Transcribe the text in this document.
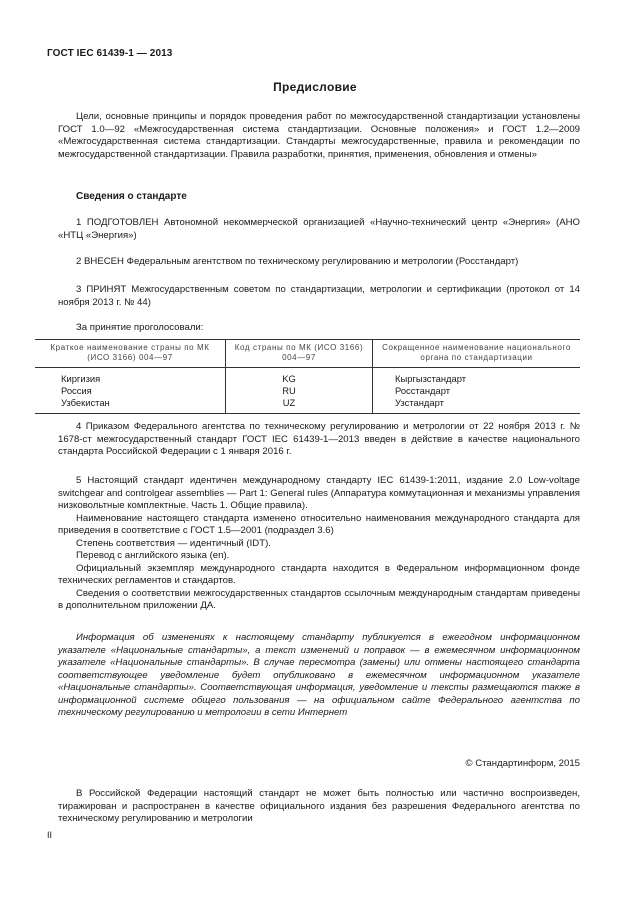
ГОСТ IEC 61439-1 — 2013
Предисловие

Цели, основные принципы и порядок проведения работ по межгосударственной стандартизации установлены ГОСТ 1.0—92 «Межгосударственная система стандартизации. Основные положения» и ГОСТ 1.2—2009 «Межгосударственная система стандартизации. Стандарты межгосударственные, правила и рекомендации по межгосударственной стандартизации. Правила разработки, принятия, применения, обновления и отмены»

Сведения о стандарте

1 ПОДГОТОВЛЕН Автономной некоммерческой организацией «Научно-технический центр «Энергия» (АНО «НТЦ «Энергия»)

2 ВНЕСЕН Федеральным агентством по техническому регулированию и метрологии (Росстандарт)

3 ПРИНЯТ Межгосударственным советом по стандартизации, метрологии и сертификации (протокол от 14 ноября 2013 г. № 44)

За принятие проголосовали:

Краткое наименование страны по МК (ИСО 3166) 004—97	Код страны по МК (ИСО 3166) 004—97	Сокращенное наименование национального органа по стандартизации
Киргизия	KG	Кыргызстандарт
Россия	RU	Росстандарт
Узбекистан	UZ	Узстандарт

4 Приказом Федерального агентства по техническому регулированию и метрологии от 22 ноября 2013 г. № 1678-ст межгосударственный стандарт ГОСТ IEC 61439-1—2013 введен в действие в качестве национального стандарта Российской Федерации с 1 января 2016 г.

5 Настоящий стандарт идентичен международному стандарту IEC 61439-1:2011, издание 2.0 Low-voltage switchgear and controlgear assemblies — Part 1: General rules (Аппаратура коммутационная и механизмы управления низковольтные комплектные. Часть 1. Общие правила).

Наименование настоящего стандарта изменено относительно наименования международного стандарта для приведения в соответствие с ГОСТ 1.5—2001 (подраздел 3.6)

Степень соответствия — идентичный (IDT).

Перевод с английского языка (en).

Официальный экземпляр международного стандарта находится в Федеральном информационном фонде технических регламентов и стандартов.

Сведения о соответствии межгосударственных стандартов ссылочным международным стандартам приведены в дополнительном приложении ДА.

Информация об изменениях к настоящему стандарту публикуется в ежегодном информационном указателе «Национальные стандарты», а текст изменений и поправок — в ежемесячном информационном указателе «Национальные стандарты». В случае пересмотра (замены) или отмены настоящего стандарта соответствующее уведомление будет опубликовано в ежемесячном информационном указателе «Национальные стандарты». Соответствующая информация, уведомление и тексты размещаются также в информационной системе общего пользования — на официальном сайте Федерального агентства по техническому регулированию и метрологии в сети Интернет

© Стандартинформ, 2015

В Российской Федерации настоящий стандарт не может быть полностью или частично воспроизведен, тиражирован и распространен в качестве официального издания без разрешения Федерального агентства по техническому регулированию и метрологии

II
